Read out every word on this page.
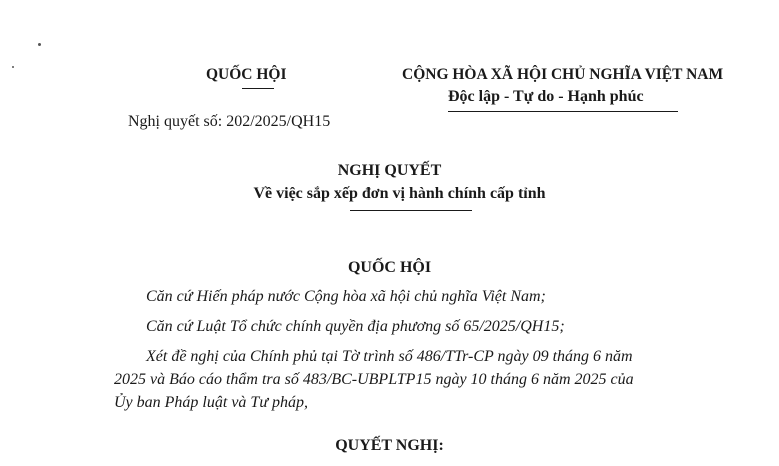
QUỐC HỘI	CỘNG HÒA XÃ HỘI CHỦ NGHĨA VIỆT NAM
Độc lập - Tự do - Hạnh phúc
Nghị quyết số: 202/2025/QH15
NGHỊ QUYẾT
Về việc sắp xếp đơn vị hành chính cấp tỉnh
QUỐC HỘI
Căn cứ Hiến pháp nước Cộng hòa xã hội chủ nghĩa Việt Nam;
Căn cứ Luật Tổ chức chính quyền địa phương số 65/2025/QH15;
Xét đề nghị của Chính phủ tại Tờ trình số 486/TTr-CP ngày 09 tháng 6 năm
2025 và Báo cáo thẩm tra số 483/BC-UBPLTP15 ngày 10 tháng 6 năm 2025 của
Ủy ban Pháp luật và Tư pháp,
QUYẾT NGHỊ:
